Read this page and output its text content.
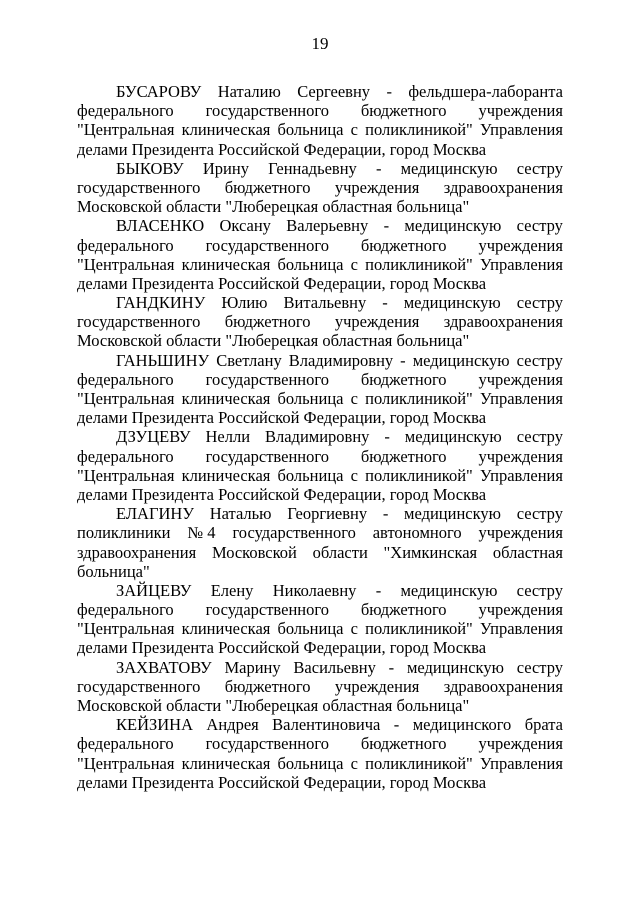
19
БУСАРОВУ Наталию Сергеевну - фельдшера-лаборанта
федерального государственного бюджетного учреждения
"Центральная клиническая больница с поликлиникой" Управления
делами Президента Российской Федерации, город Москва
БЫКОВУ Ирину Геннадьевну - медицинскую сестру
государственного бюджетного учреждения здравоохранения
Московской области "Люберецкая областная больница"
ВЛАСЕНКО Оксану Валерьевну - медицинскую сестру
федерального государственного бюджетного учреждения
"Центральная клиническая больница с поликлиникой" Управления
делами Президента Российской Федерации, город Москва
ГАНДКИНУ Юлию Витальевну - медицинскую сестру
государственного бюджетного учреждения здравоохранения
Московской области "Люберецкая областная больница"
ГАНЬШИНУ Светлану Владимировну - медицинскую сестру
федерального государственного бюджетного учреждения
"Центральная клиническая больница с поликлиникой" Управления
делами Президента Российской Федерации, город Москва
ДЗУЦЕВУ Нелли Владимировну - медицинскую сестру
федерального государственного бюджетного учреждения
"Центральная клиническая больница с поликлиникой" Управления
делами Президента Российской Федерации, город Москва
ЕЛАГИНУ Наталью Георгиевну - медицинскую сестру
поликлиники № 4 государственного автономного учреждения
здравоохранения Московской области "Химкинская областная
больница"
ЗАЙЦЕВУ Елену Николаевну - медицинскую сестру
федерального государственного бюджетного учреждения
"Центральная клиническая больница с поликлиникой" Управления
делами Президента Российской Федерации, город Москва
ЗАХВАТОВУ Марину Васильевну - медицинскую сестру
государственного бюджетного учреждения здравоохранения
Московской области "Люберецкая областная больница"
КЕЙЗИНА Андрея Валентиновича - медицинского брата
федерального государственного бюджетного учреждения
"Центральная клиническая больница с поликлиникой" Управления
делами Президента Российской Федерации, город Москва
